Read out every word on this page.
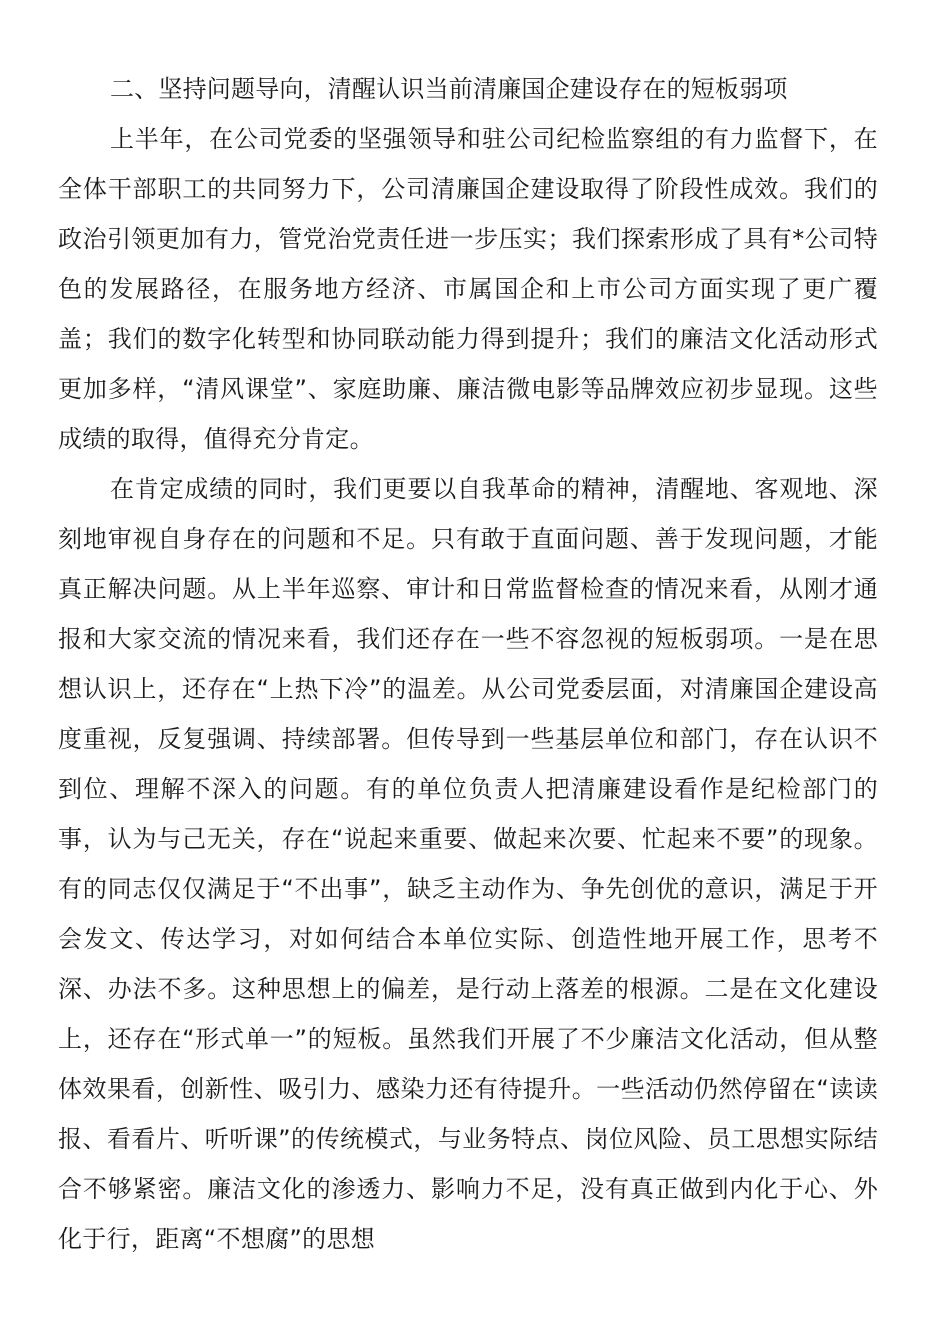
二、坚持问题导向，清醒认识当前清廉国企建设存在的短板弱项

上半年，在公司党委的坚强领导和驻公司纪检监察组的有力监督下，在全体干部职工的共同努力下，公司清廉国企建设取得了阶段性成效。我们的政治引领更加有力，管党治党责任进一步压实；我们探索形成了具有*公司特色的发展路径，在服务地方经济、市属国企和上市公司方面实现了更广覆盖；我们的数字化转型和协同联动能力得到提升；我们的廉洁文化活动形式更加多样，“清风课堂”、家庭助廉、廉洁微电影等品牌效应初步显现。这些成绩的取得，值得充分肯定。

在肯定成绩的同时，我们更要以自我革命的精神，清醒地、客观地、深刻地审视自身存在的问题和不足。只有敢于直面问题、善于发现问题，才能真正解决问题。从上半年巡察、审计和日常监督检查的情况来看，从刚才通报和大家交流的情况来看，我们还存在一些不容忽视的短板弱项。一是在思想认识上，还存在“上热下冷”的温差。从公司党委层面，对清廉国企建设高度重视，反复强调、持续部署。但传导到一些基层单位和部门，存在认识不到位、理解不深入的问题。有的单位负责人把清廉建设看作是纪检部门的事，认为与己无关，存在“说起来重要、做起来次要、忙起来不要”的现象。有的同志仅仅满足于“不出事”，缺乏主动作为、争先创优的意识，满足于开会发文、传达学习，对如何结合本单位实际、创造性地开展工作，思考不深、办法不多。这种思想上的偏差，是行动上落差的根源。二是在文化建设上，还存在“形式单一”的短板。虽然我们开展了不少廉洁文化活动，但从整体效果看，创新性、吸引力、感染力还有待提升。一些活动仍然停留在“读读报、看看片、听听课”的传统模式，与业务特点、岗位风险、员工思想实际结合不够紧密。廉洁文化的渗透力、影响力不足，没有真正做到内化于心、外化于行，距离“不想腐”的思想
